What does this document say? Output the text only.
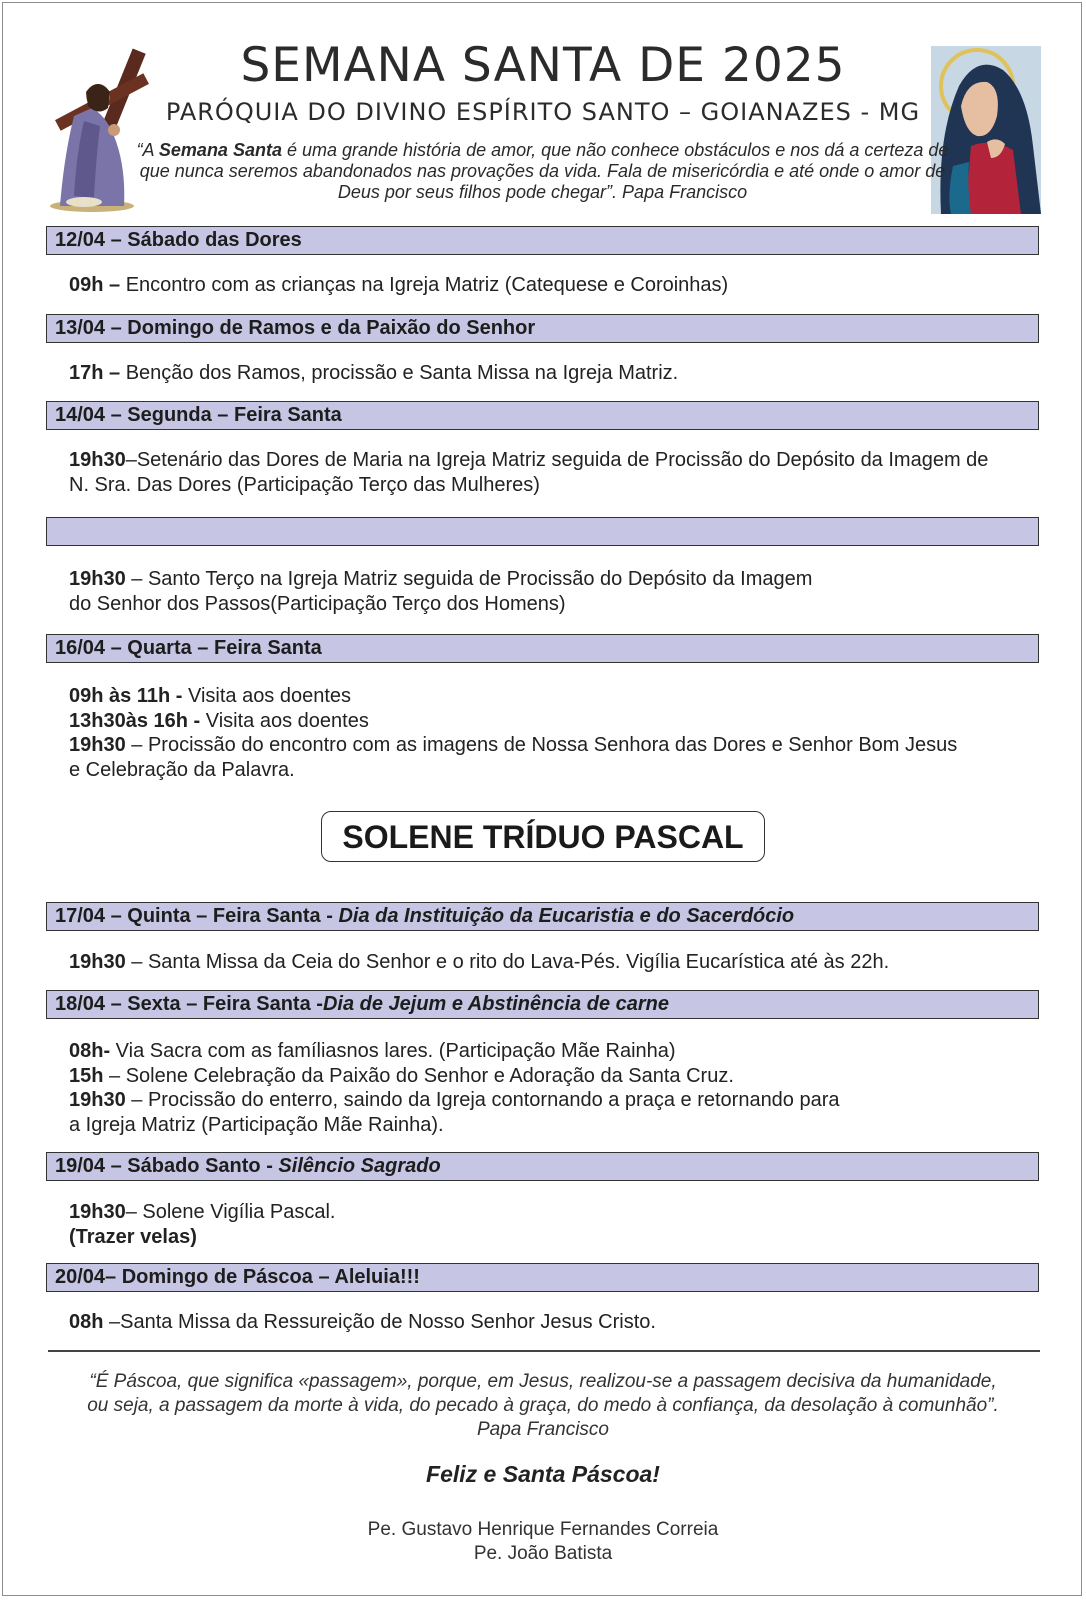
SEMANA SANTA DE 2025
PARÓQUIA DO DIVINO ESPÍRITO SANTO – GOIANAZES - MG
“A Semana Santa é uma grande história de amor, que não conhece obstáculos e nos dá a certeza de que nunca seremos abandonados nas provações da vida. Fala de misericórdia e até onde o amor de Deus por seus filhos pode chegar”. Papa Francisco
12/04 – Sábado das Dores
09h – Encontro com as crianças na Igreja Matriz (Catequese e Coroinhas)
13/04 – Domingo de Ramos e da Paixão do Senhor
17h – Benção dos Ramos, procissão e Santa Missa na Igreja Matriz.
14/04 – Segunda – Feira Santa
19h30–Setenário das Dores de Maria na Igreja Matriz seguida de Procissão do Depósito da Imagem de
N. Sra. Das Dores (Participação Terço das Mulheres)
19h30 – Santo Terço na Igreja Matriz seguida de Procissão do Depósito da Imagem
do Senhor dos Passos(Participação Terço dos Homens)
16/04 – Quarta – Feira Santa
09h às 11h - Visita aos doentes
13h30às 16h - Visita aos doentes
19h30 – Procissão do encontro com as imagens de Nossa Senhora das Dores e Senhor Bom Jesus
e Celebração da Palavra.
SOLENE TRÍDUO PASCAL
17/04 – Quinta – Feira Santa - Dia da Instituição da Eucaristia e do Sacerdócio
19h30 – Santa Missa da Ceia do Senhor e o rito do Lava-Pés. Vigília Eucarística até às 22h.
18/04 – Sexta – Feira Santa -Dia de Jejum e Abstinência de carne
08h- Via Sacra com as famíliasnos lares. (Participação Mãe Rainha)
15h – Solene Celebração da Paixão do Senhor e Adoração da Santa Cruz.
19h30 – Procissão do enterro, saindo da Igreja contornando a praça e retornando para
a Igreja Matriz (Participação Mãe Rainha).
19/04 – Sábado Santo - Silêncio Sagrado
19h30– Solene Vigília Pascal.
(Trazer velas)
20/04– Domingo de Páscoa – Aleluia!!!
08h –Santa Missa da Ressureição de Nosso Senhor Jesus Cristo.
“É Páscoa, que significa «passagem», porque, em Jesus, realizou-se a passagem decisiva da humanidade,
ou seja, a passagem da morte à vida, do pecado à graça, do medo à confiança, da desolação à comunhão”.
Papa Francisco
Feliz e Santa Páscoa!
Pe. Gustavo Henrique Fernandes Correia
Pe. João Batista
